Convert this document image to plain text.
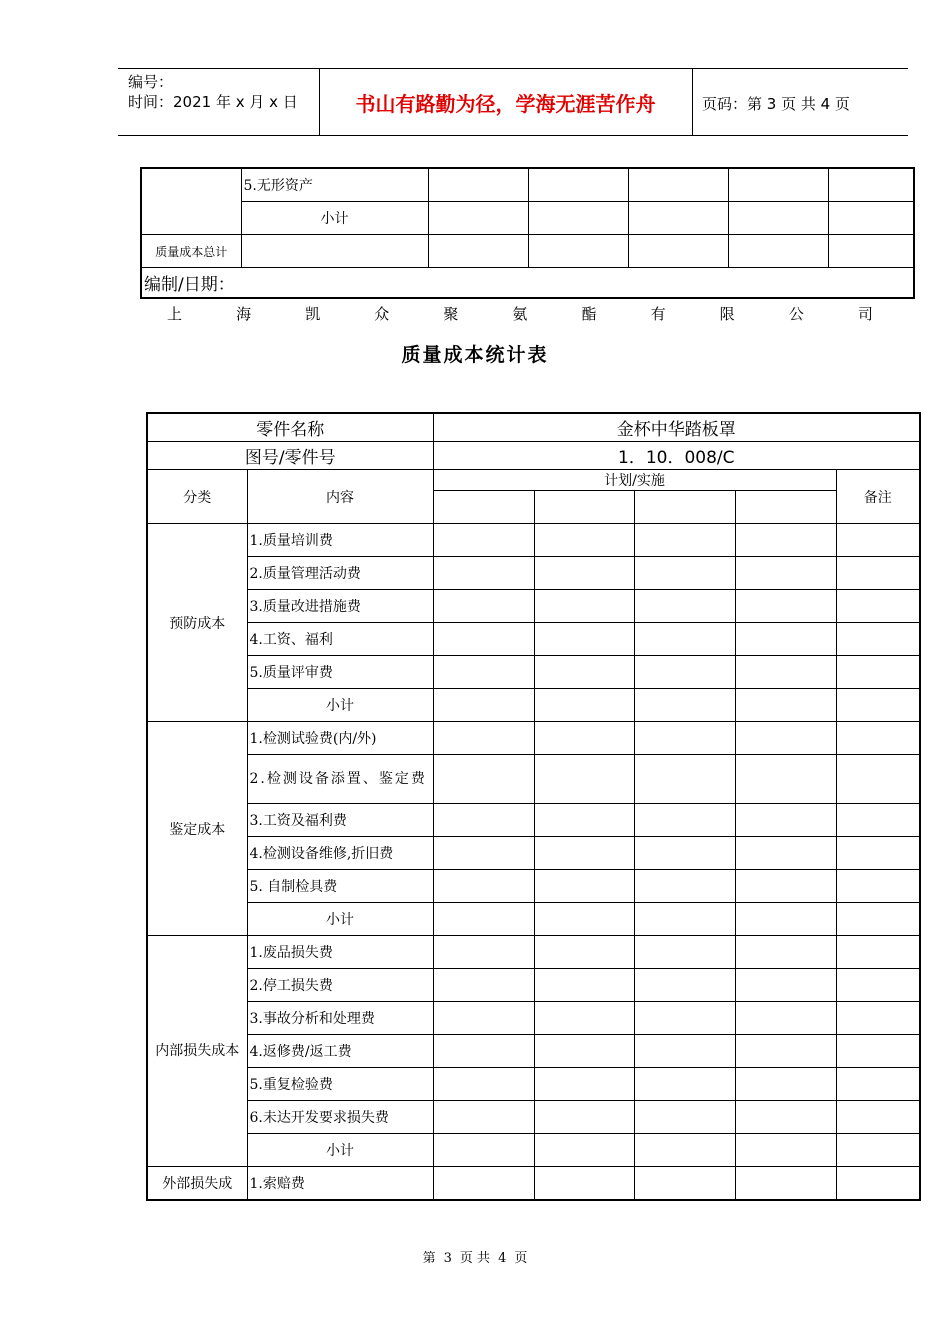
编号：
时间：2021 年 x 月 x 日	书山有路勤为径，学海无涯苦作舟	页码：第 3 页 共 4 页
	5.无形资产					
	小计					
质量成本总计						
编制/日期：						
上	海	凯	众	聚	氨	酯	有	限	公	司
质量成本统计表
零件名称		金杯中华踏板罩				
图号/零件号		1．10．008/C				
分类	内容	计划/实施				备注

预防成本	1.质量培训费					
	2.质量管理活动费					
	3.质量改进措施费					
	4.工资、福利					
	5.质量评审费					
	小计					
鉴定成本	1.检测试验费(内/外)					
	2.检测设备添置、鉴定费					
	3.工资及福利费					
	4.检测设备维修,折旧费					
	5. 自制检具费					
	小计					
内部损失成本	1.废品损失费					
	2.停工损失费					
	3.事故分析和处理费					
	4.返修费/返工费					
	5.重复检验费					
	6.未达开发要求损失费					
	小计					
外部损失成	1.索赔费					
第 3 页 共 4 页
